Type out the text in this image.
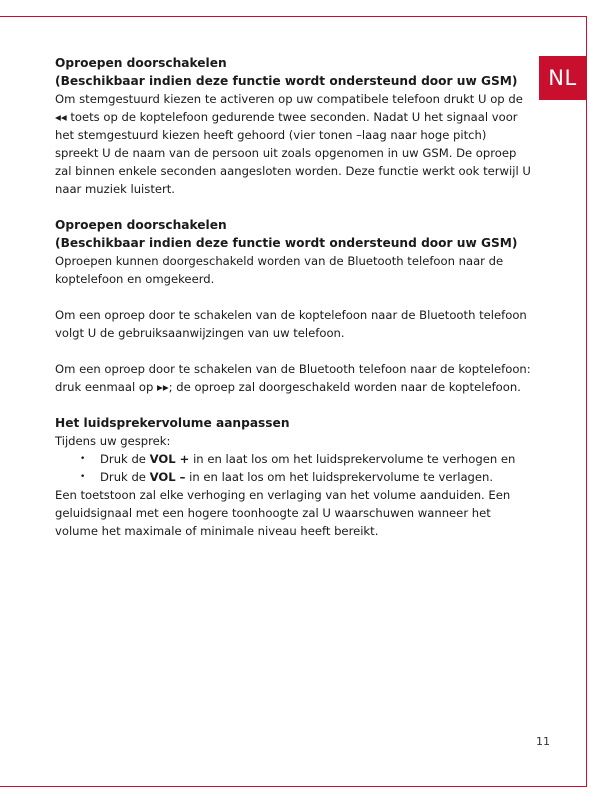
NL
Oproepen doorschakelen
(Beschikbaar indien deze functie wordt ondersteund door uw GSM)

Om stemgestuurd kiezen te activeren op uw compatibele telefoon drukt U op de ◂◂ toets op de koptelefoon gedurende twee seconden. Nadat U het signaal voor het stemgestuurd kiezen heeft gehoord (vier tonen –laag naar hoge pitch) spreekt U de naam van de persoon uit zoals opgenomen in uw GSM. De oproep zal binnen enkele seconden aangesloten worden. Deze functie werkt ook terwijl U naar muziek luistert.

Oproepen doorschakelen
(Beschikbaar indien deze functie wordt ondersteund door uw GSM)

Oproepen kunnen doorgeschakeld worden van de Bluetooth telefoon naar de koptelefoon en omgekeerd.

Om een oproep door te schakelen van de koptelefoon naar de Bluetooth telefoon volgt U de gebruiksaanwijzingen van uw telefoon.

Om een oproep door te schakelen van de Bluetooth telefoon naar de koptelefoon: druk eenmaal op ▸▸; de oproep zal doorgeschakeld worden naar de koptelefoon.

Het luidsprekervolume aanpassen

Tijdens uw gesprek:

• Druk de VOL + in en laat los om het luidsprekervolume te verhogen en
• Druk de VOL – in en laat los om het luidsprekervolume te verlagen.

Een toetstoon zal elke verhoging en verlaging van het volume aanduiden. Een geluidsignaal met een hogere toonhoogte zal U waarschuwen wanneer het volume het maximale of minimale niveau heeft bereikt.

11
